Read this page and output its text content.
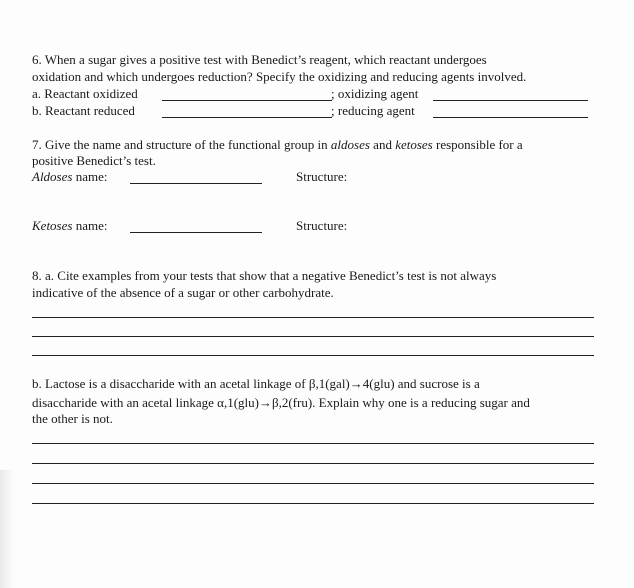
6. When a sugar gives a positive test with Benedict’s reagent, which reactant undergoes
oxidation and which undergoes reduction? Specify the oxidizing and reducing agents involved.
a. Reactant oxidized	; oxidizing agent
b. Reactant reduced	; reducing agent
7. Give the name and structure of the functional group in aldoses and ketoses responsible for a
positive Benedict’s test.
Aldoses name:	Structure:
Ketoses name:	Structure:
8. a. Cite examples from your tests that show that a negative Benedict’s test is not always
indicative of the absence of a sugar or other carbohydrate.
b. Lactose is a disaccharide with an acetal linkage of β,1(gal)→4(glu) and sucrose is a
disaccharide with an acetal linkage α,1(glu)→β,2(fru). Explain why one is a reducing sugar and
the other is not.
